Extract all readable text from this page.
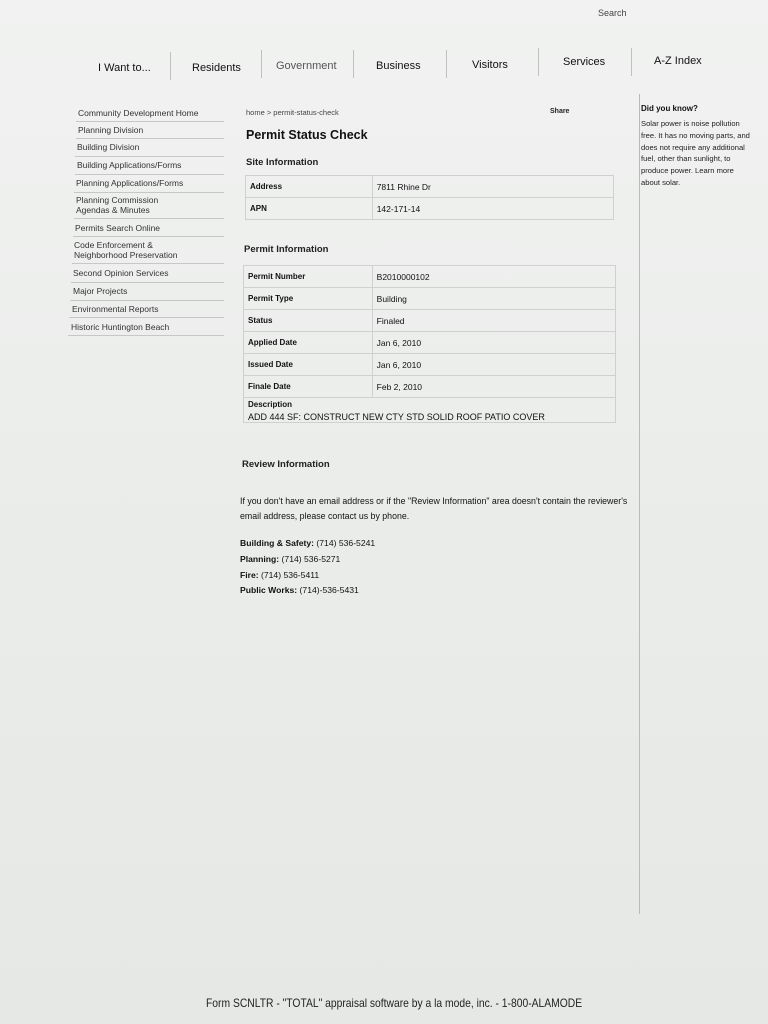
Search
I Want to...	Residents	Government	Business	Visitors	Services	A-Z Index
Community Development Home
Planning Division
Building Division
Building Applications/Forms
Planning Applications/Forms
Planning Commission Agendas & Minutes
Permits Search Online
Code Enforcement & Neighborhood Preservation
Second Opinion Services
Major Projects
Environmental Reports
Historic Huntington Beach
home > permit-status-check	Share
Permit Status Check
Site Information
Address	7811 Rhine Dr
APN	142-171-14
Permit Information
Permit Number	B2010000102
Permit Type	Building
Status	Finaled
Applied Date	Jan 6, 2010
Issued Date	Jan 6, 2010
Finale Date	Feb 2, 2010

Description
ADD 444 SF: CONSTRUCT NEW CTY STD SOLID ROOF PATIO COVER	
Review Information

If you don't have an email address or if the "Review Information" area doesn't contain the reviewer's email address, please contact us by phone.

Building & Safety: (714) 536-5241
Planning: (714) 536-5271
Fire: (714) 536-5411
Public Works: (714)-536-5431
Did you know?
Solar power is noise pollution free. It has no moving parts, and does not require any additional fuel, other than sunlight, to produce power. Learn more about solar.
Form SCNLTR - "TOTAL" appraisal software by a la mode, inc. - 1-800-ALAMODE
